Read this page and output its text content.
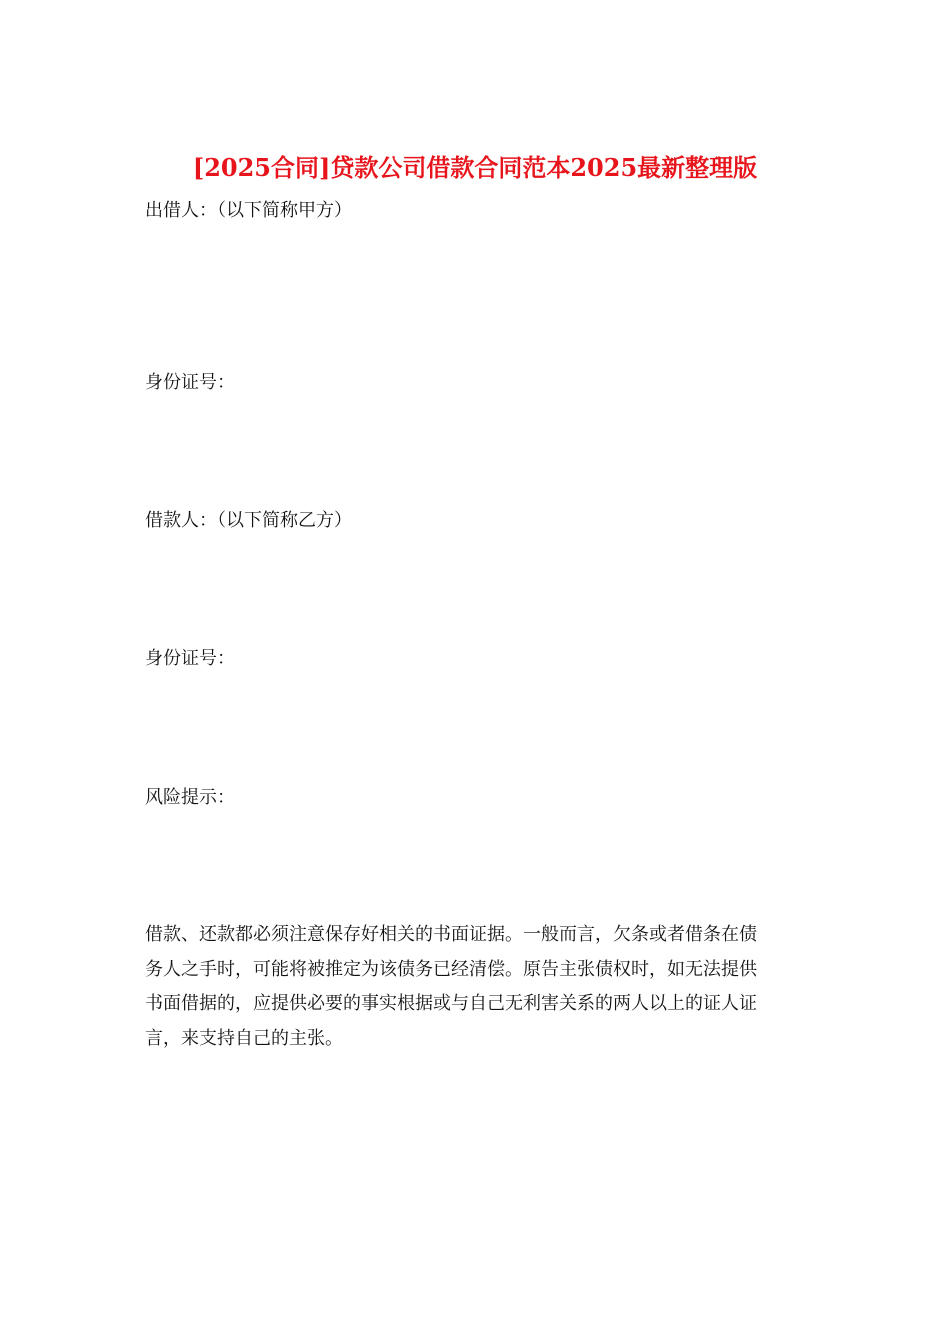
[2025合同]贷款公司借款合同范本2025最新整理版

出借人：（以下简称甲方）

身份证号：

借款人：（以下简称乙方）

身份证号：

风险提示：

借款、还款都必须注意保存好相关的书面证据。一般而言，欠条或者借条在债
务人之手时，可能将被推定为该债务已经清偿。原告主张债权时，如无法提供
书面借据的，应提供必要的事实根据或与自己无利害关系的两人以上的证人证
言，来支持自己的主张。
